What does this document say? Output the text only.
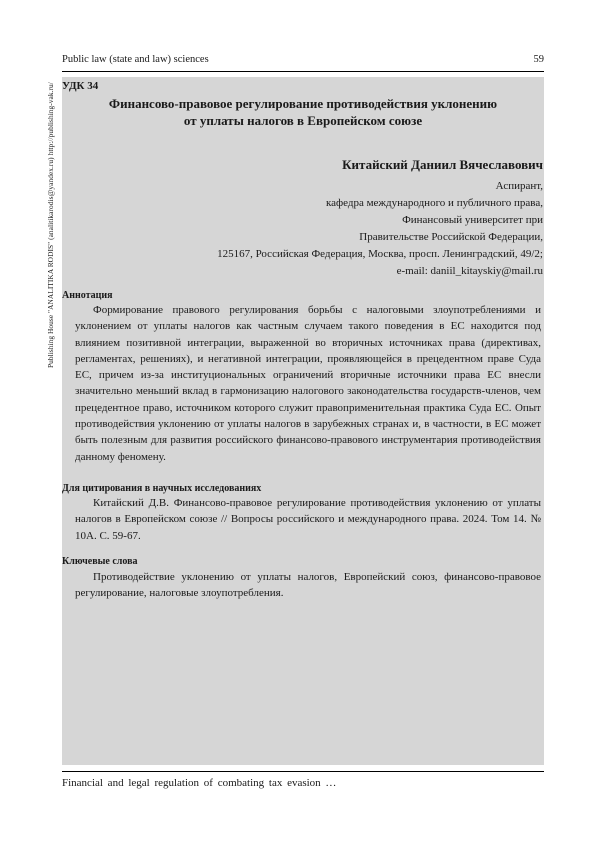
Public law (state and law) sciences	59
Publishing House "ANALITIKA RODIS" (analitikarodis@yandex.ru) http://publishing-vak.ru/ УДК 34
Финансово-правовое регулирование противодействия уклонению
от уплаты налогов в Европейском союзе
Китайский Даниил Вячеславович
Аспирант,
кафедра международного и публичного права,
Финансовый университет при
Правительстве Российской Федерации,
125167, Российская Федерация, Москва, просп. Ленинградский, 49/2;
e-mail: daniil_kitayskiy@mail.ru
Аннотация
Формирование правового регулирования борьбы с налоговыми злоупотреблениями и уклонением от уплаты налогов как частным случаем такого поведения в ЕС находится под влиянием позитивной интеграции, выраженной во вторичных источниках права (директивах, регламентах, решениях), и негативной интеграции, проявляющейся в прецедентном праве Суда ЕС, причем из-за институциональных ограничений вторичные источники права ЕС внесли значительно меньший вклад в гармонизацию налогового законодательства государств-членов, чем прецедентное право, источником которого служит правоприменительная практика Суда ЕС. Опыт противодействия уклонению от уплаты налогов в зарубежных странах и, в частности, в ЕС может быть полезным для развития российского финансово-правового инструментария противодействия данному феномену.
Для цитирования в научных исследованиях
Китайский Д.В. Финансово-правовое регулирование противодействия уклонению от уплаты налогов в Европейском союзе // Вопросы российского и международного права. 2024. Том 14. № 10А. С. 59-67.
Ключевые слова
Противодействие уклонению от уплаты налогов, Европейский союз, финансово-правовое регулирование, налоговые злоупотребления.
Financial and legal regulation of combating tax evasion …
